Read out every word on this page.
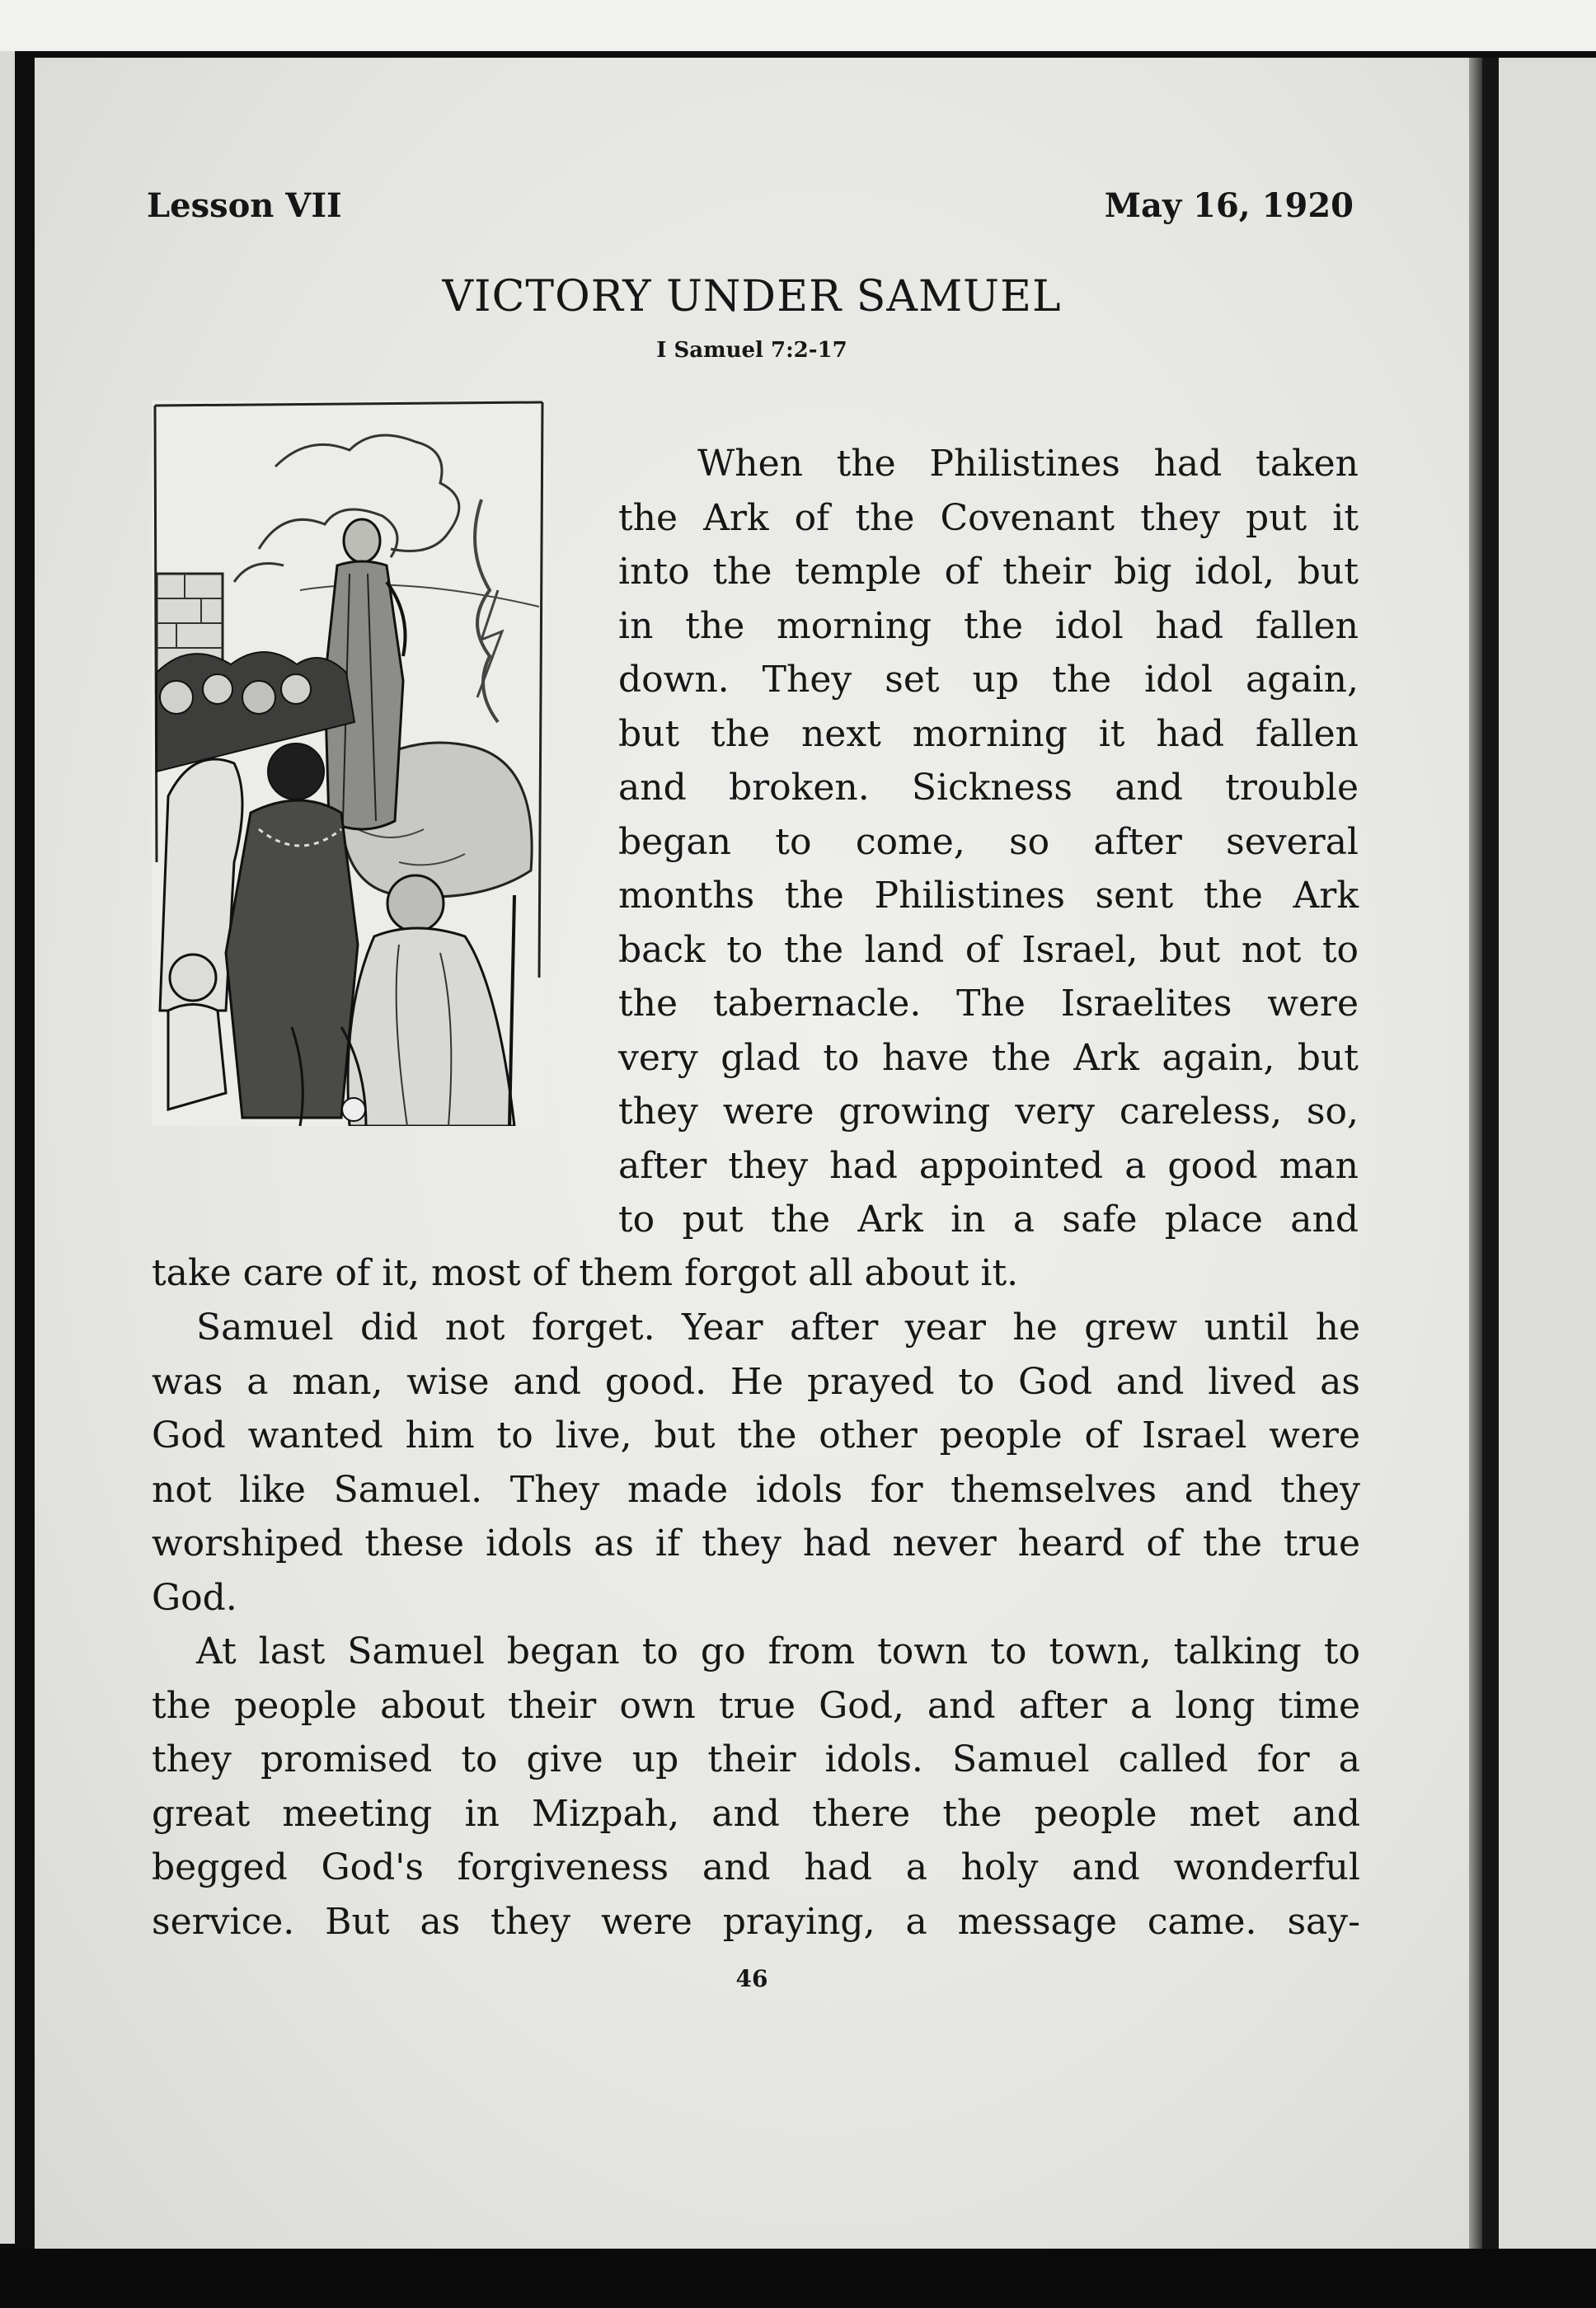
Lesson VII	May 16, 1920
VICTORY UNDER SAMUEL
I Samuel 7:2-17
When the Philistines had taken
the Ark of the Covenant they put it
into the temple of their big idol, but
in the morning the idol had fallen
down. They set up the idol again,
but the next morning it had fallen
and broken. Sickness and trouble
began to come, so after several
months the Philistines sent the Ark
back to the land of Israel, but not to
the tabernacle. The Israelites were
very glad to have the Ark again, but
they were growing very careless, so,
after they had appointed a good man
to put the Ark in a safe place and
take care of it, most of them forgot all about it.
Samuel did not forget. Year after year he grew until he
was a man, wise and good. He prayed to God and lived as
God wanted him to live, but the other people of Israel were
not like Samuel. They made idols for themselves and they
worshiped these idols as if they had never heard of the true
God.
At last Samuel began to go from town to town, talking to
the people about their own true God, and after a long time
they promised to give up their idols. Samuel called for a
great meeting in Mizpah, and there the people met and
begged God's forgiveness and had a holy and wonderful
service. But as they were praying, a message came. say-
46
